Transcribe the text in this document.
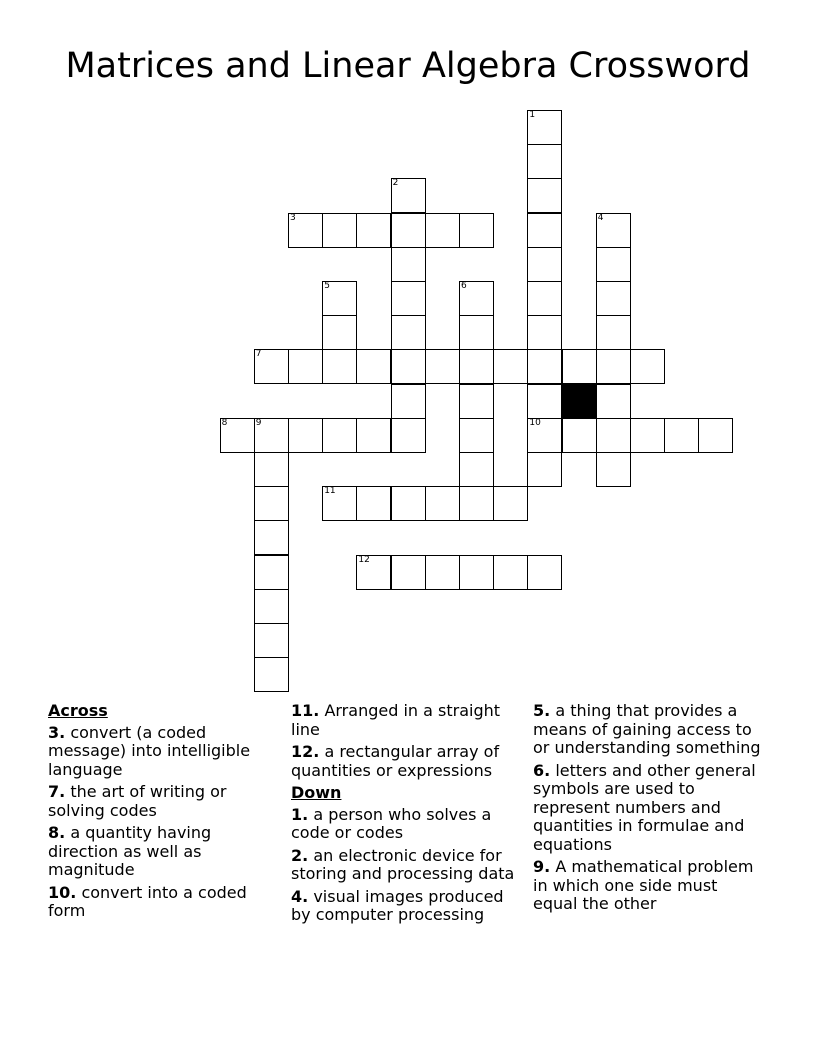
Matrices and Linear Algebra Crossword
1
10
2
3	4
5	6
7
8	9
11
12
Across
3. convert (a coded message) into intelligible language
7. the art of writing or solving codes
8. a quantity having direction as well as magnitude
10. convert into a coded form
11. Arranged in a straight line
12. a rectangular array of quantities or expressions
Down
1. a person who solves a code or codes
2. an electronic device for storing and processing data
4. visual images produced by computer processing
5. a thing that provides a means of gaining access to or understanding something
6. letters and other general symbols are used to represent numbers and quantities in formulae and equations
9. A mathematical problem in which one side must equal the other
